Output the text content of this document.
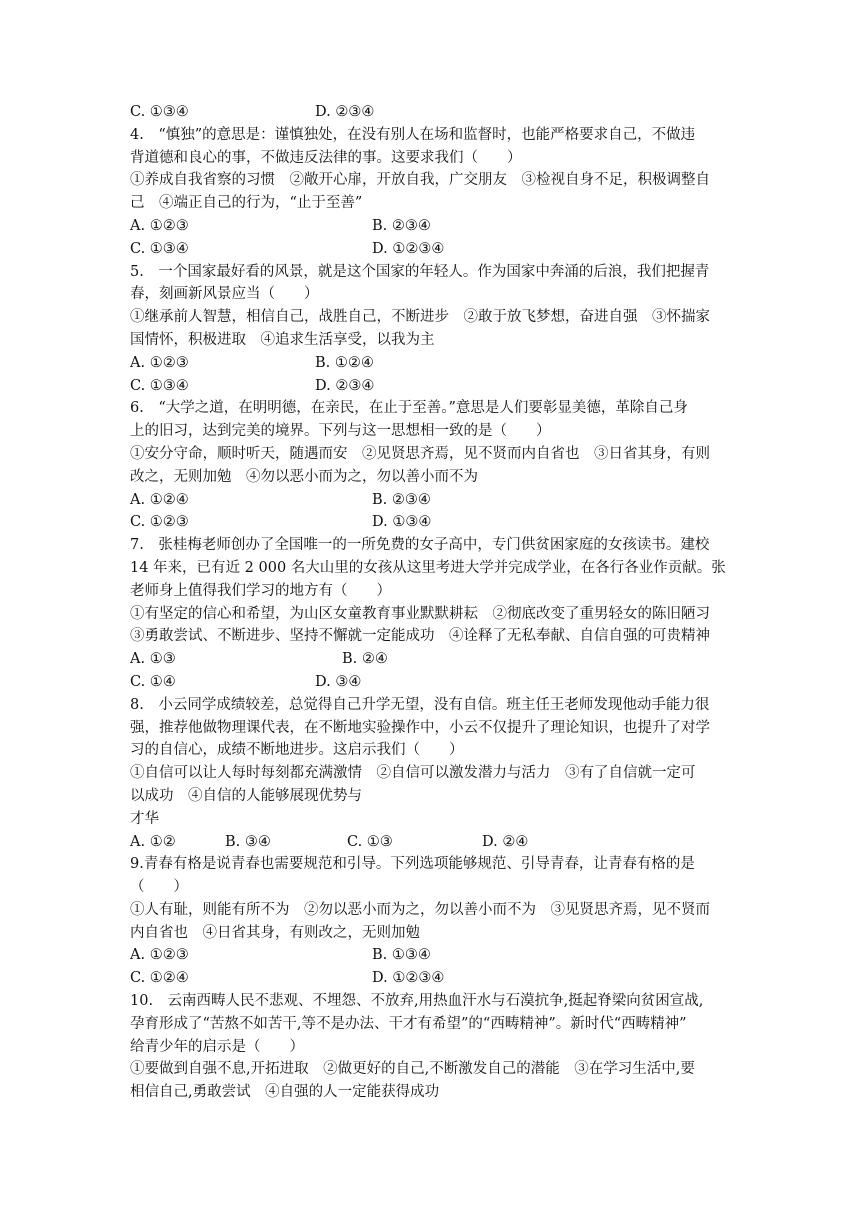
C. ①③④	D. ②③④
4.　“慎独”的意思是：谨慎独处，在没有别人在场和监督时，也能严格要求自己，不做违
背道德和良心的事，不做违反法律的事。这要求我们（　　）
①养成自我省察的习惯　②敞开心扉，开放自我，广交朋友　③检视自身不足，积极调整自
己　④端正自己的行为，“止于至善”
A. ①②③	B. ②③④
C. ①③④	D. ①②③④
5.　一个国家最好看的风景，就是这个国家的年轻人。作为国家中奔涌的后浪，我们把握青
春，刻画新风景应当（　　）
①继承前人智慧，相信自己，战胜自己，不断进步　②敢于放飞梦想，奋进自强　③怀揣家
国情怀，积极进取　④追求生活享受，以我为主
A. ①②③	B. ①②④
C. ①③④	D. ②③④
6.　“大学之道，在明明德，在亲民，在止于至善。”意思是人们要彰显美德，革除自己身
上的旧习，达到完美的境界。下列与这一思想相一致的是（　　）
①安分守命，顺时听天，随遇而安　②见贤思齐焉，见不贤而内自省也　③日省其身，有则
改之，无则加勉　④勿以恶小而为之，勿以善小而不为
A. ①②④	B. ②③④
C. ①②③	D. ①③④
7.　张桂梅老师创办了全国唯一的一所免费的女子高中，专门供贫困家庭的女孩读书。建校
14 年来，已有近 2 000 名大山里的女孩从这里考进大学并完成学业，在各行各业作贡献。张
老师身上值得我们学习的地方有（　　）
①有坚定的信心和希望，为山区女童教育事业默默耕耘　②彻底改变了重男轻女的陈旧陋习
③勇敢尝试、不断进步、坚持不懈就一定能成功　④诠释了无私奉献、自信自强的可贵精神
A. ①③	B. ②④
C. ①④	D. ③④
8.　小云同学成绩较差，总觉得自己升学无望，没有自信。班主任王老师发现他动手能力很
强，推荐他做物理课代表，在不断地实验操作中，小云不仅提升了理论知识，也提升了对学
习的自信心，成绩不断地进步。这启示我们（　　）
①自信可以让人每时每刻都充满激情　②自信可以激发潜力与活力　③有了自信就一定可
以成功　④自信的人能够展现优势与
才华
A. ①②	B. ③④	C. ①③	D. ②④
9.青春有格是说青春也需要规范和引导。下列选项能够规范、引导青春，让青春有格的是
（　　）
①人有耻，则能有所不为　②勿以恶小而为之，勿以善小而不为　③见贤思齐焉，见不贤而
内自省也　④日省其身，有则改之，无则加勉
A. ①②③	B. ①③④
C. ①②④	D. ①②③④
10.　云南西畴人民不悲观、不埋怨、不放弃,用热血汗水与石漠抗争,挺起脊梁向贫困宣战,
孕育形成了“苦熬不如苦干,等不是办法、干才有希望”的“西畴精神”。新时代“西畴精神”
给青少年的启示是（　　）
①要做到自强不息,开拓进取　②做更好的自己,不断激发自己的潜能　③在学习生活中,要
相信自己,勇敢尝试　④自强的人一定能获得成功
